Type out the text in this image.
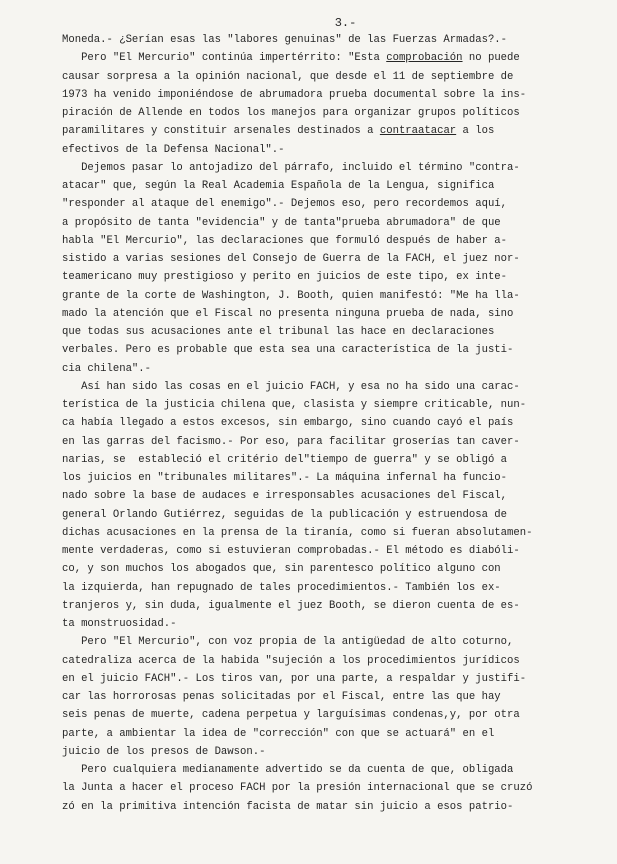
3.-
Moneda.- ¿Serían esas las "labores genuinas" de las Fuerzas Armadas?.-
Pero "El Mercurio" continúa impertérrito: "Esta comprobación no puede
causar sorpresa a la opinión nacional, que desde el 11 de septiembre de
1973 ha venido imponiéndose de abrumadora prueba documental sobre la ins-
piración de Allende en todos los manejos para organizar grupos políticos
paramilitares y constituir arsenales destinados a contraatacar a los
efectivos de la Defensa Nacional".-
Dejemos pasar lo antojadizo del párrafo, incluido el término "contra-
atacar" que, según la Real Academia Española de la Lengua, significa
"responder al ataque del enemigo".- Dejemos eso, pero recordemos aquí,
a propósito de tanta "evidencia" y de tanta"prueba abrumadora" de que
habla "El Mercurio", las declaraciones que formuló después de haber a-
sistido a varias sesiones del Consejo de Guerra de la FACH, el juez nor-
teamericano muy prestigioso y perito en juicios de este tipo, ex inte-
grante de la corte de Washington, J. Booth, quien manifestó: "Me ha lla-
mado la atención que el Fiscal no presenta ninguna prueba de nada, sino
que todas sus acusaciones ante el tribunal las hace en declaraciones
verbales. Pero es probable que esta sea una característica de la justi-
cia chilena".-
Así han sido las cosas en el juicio FACH, y esa no ha sido una carac-
terística de la justicia chilena que, clasista y siempre criticable, nun-
ca había llegado a estos excesos, sin embargo, sino cuando cayó el país
en las garras del facismo.- Por eso, para facilitar groserías tan caver-
narias, se  estableció el critério del"tiempo de guerra" y se obligó a
los juicios en "tribunales militares".- La máquina infernal ha funcio-
nado sobre la base de audaces e irresponsables acusaciones del Fiscal,
general Orlando Gutiérrez, seguidas de la publicación y estruendosa de
dichas acusaciones en la prensa de la tiranía, como si fueran absolutamen-
mente verdaderas, como si estuvieran comprobadas.- El método es diabóli-
co, y son muchos los abogados que, sin parentesco político alguno con
la izquierda, han repugnado de tales procedimientos.- También los ex-
tranjeros y, sin duda, igualmente el juez Booth, se dieron cuenta de es-
ta monstruosidad.-
Pero "El Mercurio", con voz propia de la antigüedad de alto coturno,
catedraliza acerca de la habida "sujeción a los procedimientos jurídicos
en el juicio FACH".- Los tiros van, por una parte, a respaldar y justifi-
car las horrorosas penas solicitadas por el Fiscal, entre las que hay
seis penas de muerte, cadena perpetua y larguísimas condenas,y, por otra
parte, a ambientar la idea de "corrección" con que se actuará" en el
juicio de los presos de Dawson.-
Pero cualquiera medianamente advertido se da cuenta de que, obligada
la Junta a hacer el proceso FACH por la presión internacional que se cruzó
zó en la primitiva intención facista de matar sin juicio a esos patrio-
